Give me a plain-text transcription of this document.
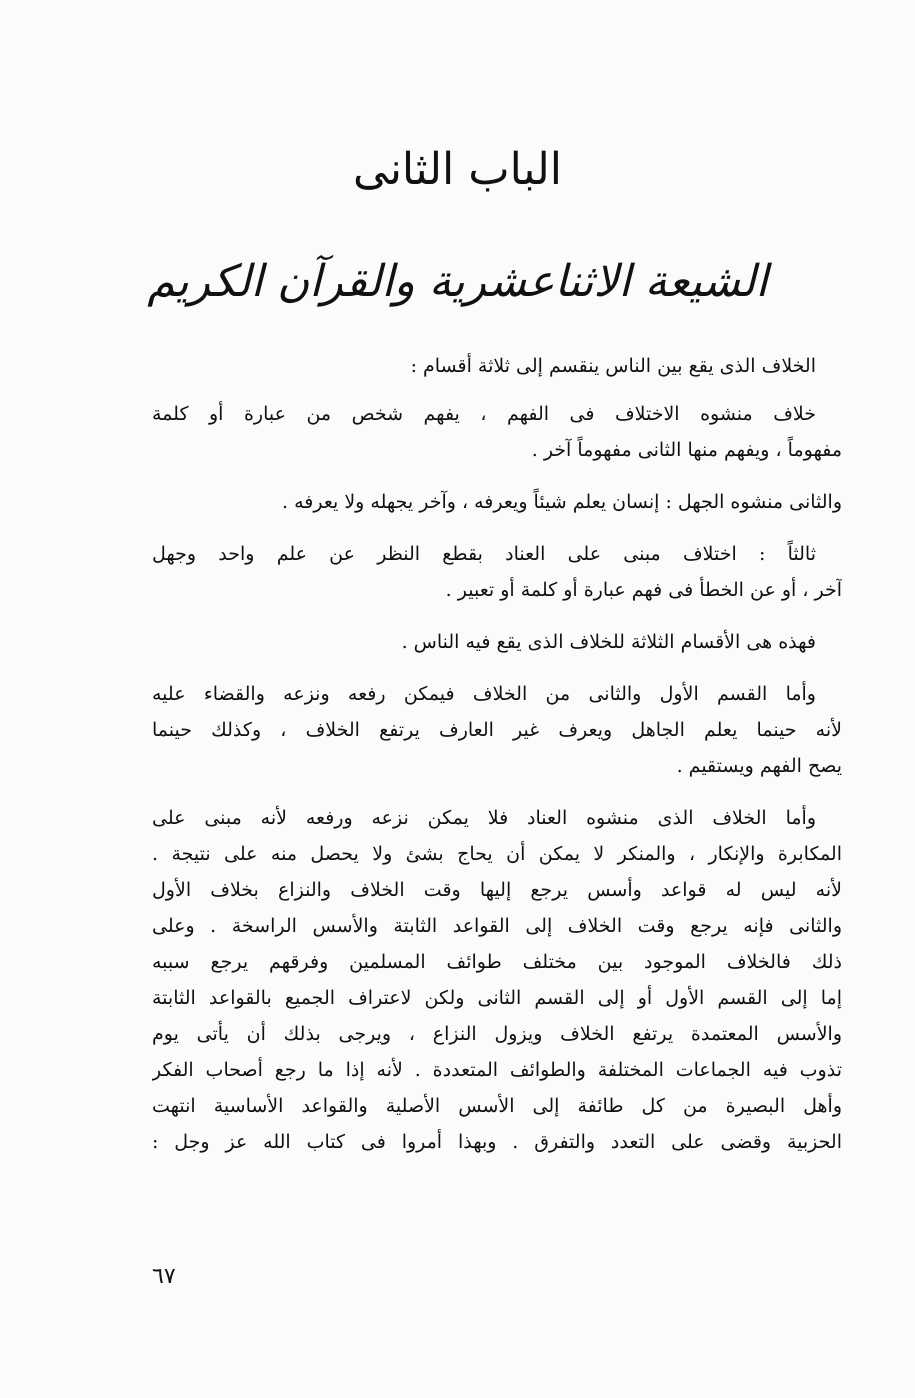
الباب الثانى
الشيعة الاثناعشرية والقرآن الكريم
الخلاف الذى يقع بين الناس ينقسم إلى ثلاثة أقسام :
خلاف منشوه الاختلاف فى الفهم ، يفهم شخص من عبارة أو كلمة
مفهوماً ، ويفهم منها الثانى مفهوماً آخر .
والثانى منشوه الجهل : إنسان يعلم شيئاً ويعرفه ، وآخر يجهله ولا يعرفه .
ثالثاً : اختلاف مبنى على العناد بقطع النظر عن علم واحد وجهل
آخر ، أو عن الخطأ فى فهم عبارة أو كلمة أو تعبير .
فهذه هى الأقسام الثلاثة للخلاف الذى يقع فيه الناس .
وأما القسم الأول والثانى من الخلاف فيمكن رفعه ونزعه والقضاء عليه
لأنه حينما يعلم الجاهل ويعرف غير العارف يرتفع الخلاف ، وكذلك حينما
يصح الفهم ويستقيم .
وأما الخلاف الذى منشوه العناد فلا يمكن نزعه ورفعه لأنه مبنى على
المكابرة والإنكار ، والمنكر لا يمكن أن يحاج بشئ ولا يحصل منه على نتيجة .
لأنه ليس له قواعد وأسس يرجع إليها وقت الخلاف والنزاع بخلاف الأول
والثانى فإنه يرجع وقت الخلاف إلى القواعد الثابتة والأسس الراسخة . وعلى
ذلك فالخلاف الموجود بين مختلف طوائف المسلمين وفرقهم يرجع سببه
إما إلى القسم الأول أو إلى القسم الثانى ولكن لاعتراف الجميع بالقواعد الثابتة
والأسس المعتمدة يرتفع الخلاف ويزول النزاع ، ويرجى بذلك أن يأتى يوم
تذوب فيه الجماعات المختلفة والطوائف المتعددة . لأنه إذا ما رجع أصحاب الفكر
وأهل البصيرة من كل طائفة إلى الأسس الأصلية والقواعد الأساسية انتهت
الحزبية وقضى على التعدد والتفرق . وبهذا أمروا فى كتاب الله عز وجل :
٦٧
